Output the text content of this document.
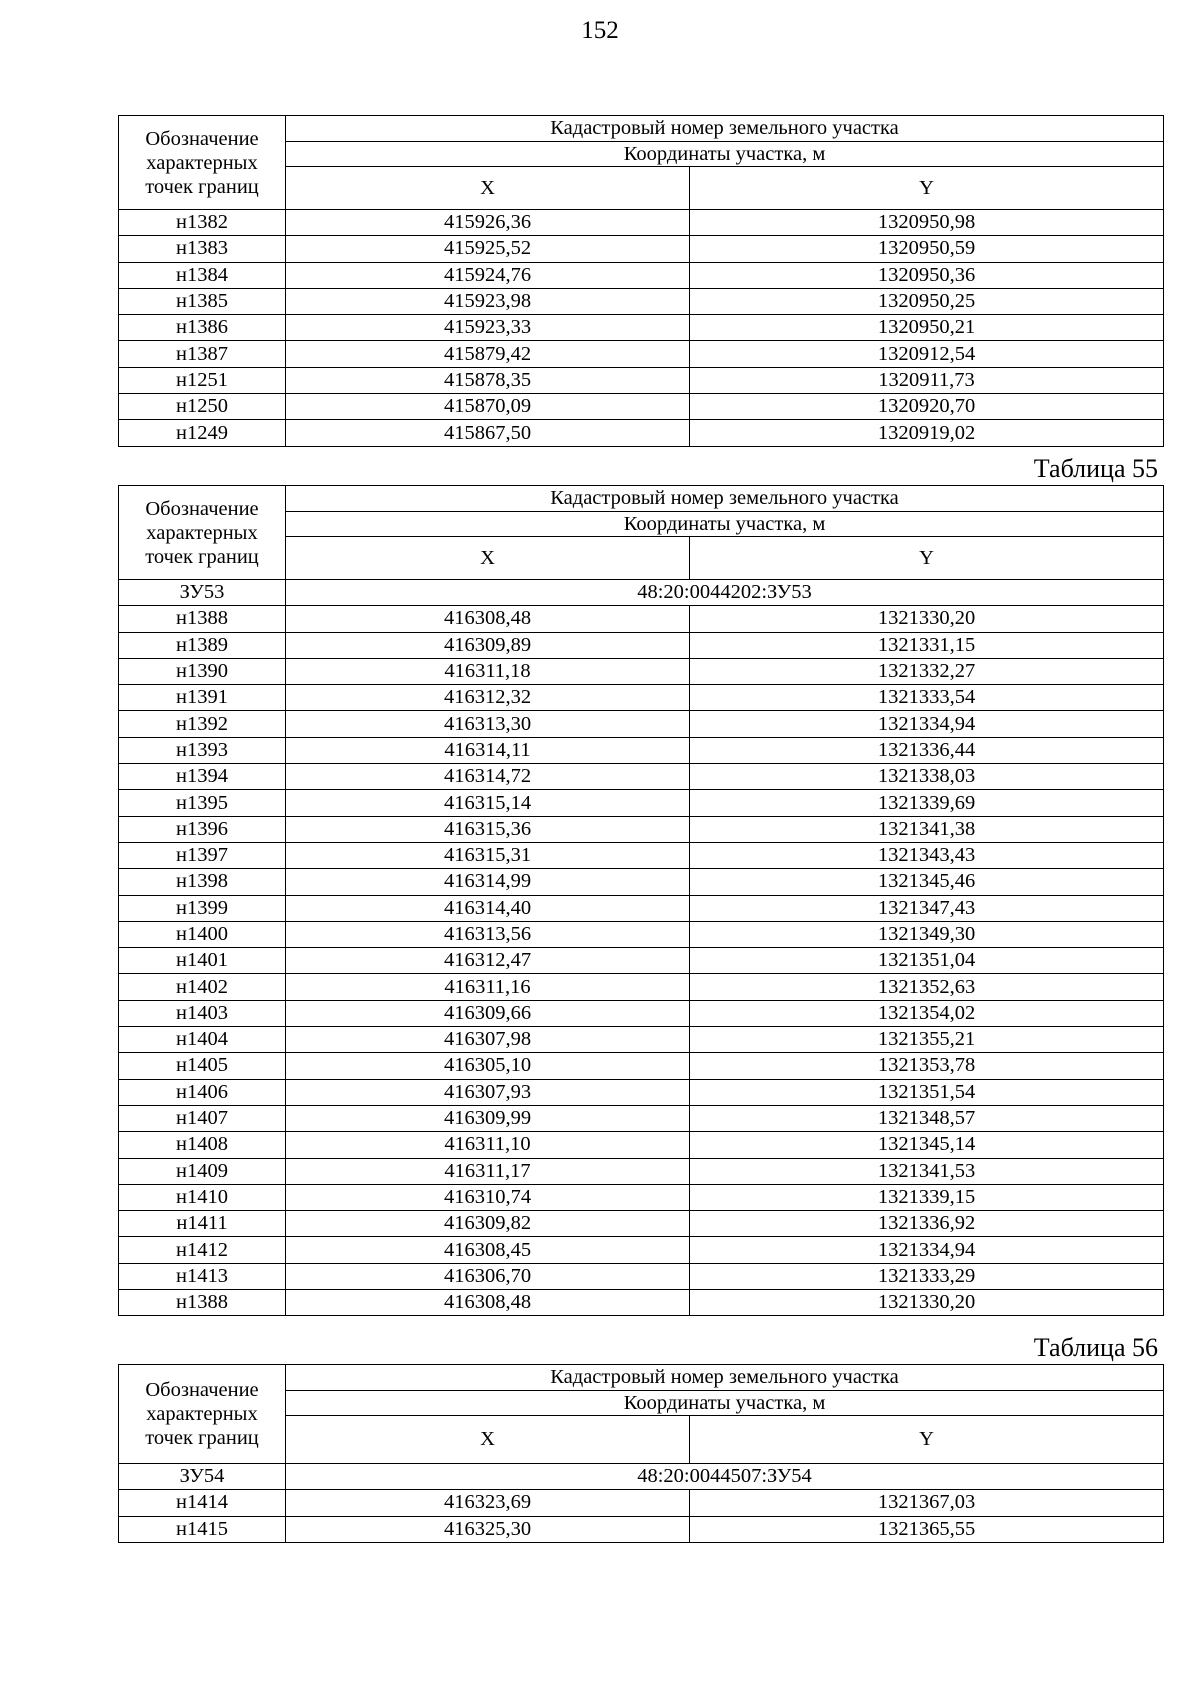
152
Обозначение
характерных
точек границ	Кадастровый номер земельного участка	
	Координаты участка, м	
	X	Y
н1382	415926,36	1320950,98
н1383	415925,52	1320950,59
н1384	415924,76	1320950,36
н1385	415923,98	1320950,25
н1386	415923,33	1320950,21
н1387	415879,42	1320912,54
н1251	415878,35	1320911,73
н1250	415870,09	1320920,70
н1249	415867,50	1320919,02
Таблица 55
Обозначение
характерных
точек границ	Кадастровый номер земельного участка	
	Координаты участка, м	
	X	Y
ЗУ53	48:20:0044202:ЗУ53	
н1388	416308,48	1321330,20
н1389	416309,89	1321331,15
н1390	416311,18	1321332,27
н1391	416312,32	1321333,54
н1392	416313,30	1321334,94
н1393	416314,11	1321336,44
н1394	416314,72	1321338,03
н1395	416315,14	1321339,69
н1396	416315,36	1321341,38
н1397	416315,31	1321343,43
н1398	416314,99	1321345,46
н1399	416314,40	1321347,43
н1400	416313,56	1321349,30
н1401	416312,47	1321351,04
н1402	416311,16	1321352,63
н1403	416309,66	1321354,02
н1404	416307,98	1321355,21
н1405	416305,10	1321353,78
н1406	416307,93	1321351,54
н1407	416309,99	1321348,57
н1408	416311,10	1321345,14
н1409	416311,17	1321341,53
н1410	416310,74	1321339,15
н1411	416309,82	1321336,92
н1412	416308,45	1321334,94
н1413	416306,70	1321333,29
н1388	416308,48	1321330,20
Таблица 56
Обозначение
характерных
точек границ	Кадастровый номер земельного участка	
	Координаты участка, м	
	X	Y
ЗУ54	48:20:0044507:ЗУ54	
н1414	416323,69	1321367,03
н1415	416325,30	1321365,55
